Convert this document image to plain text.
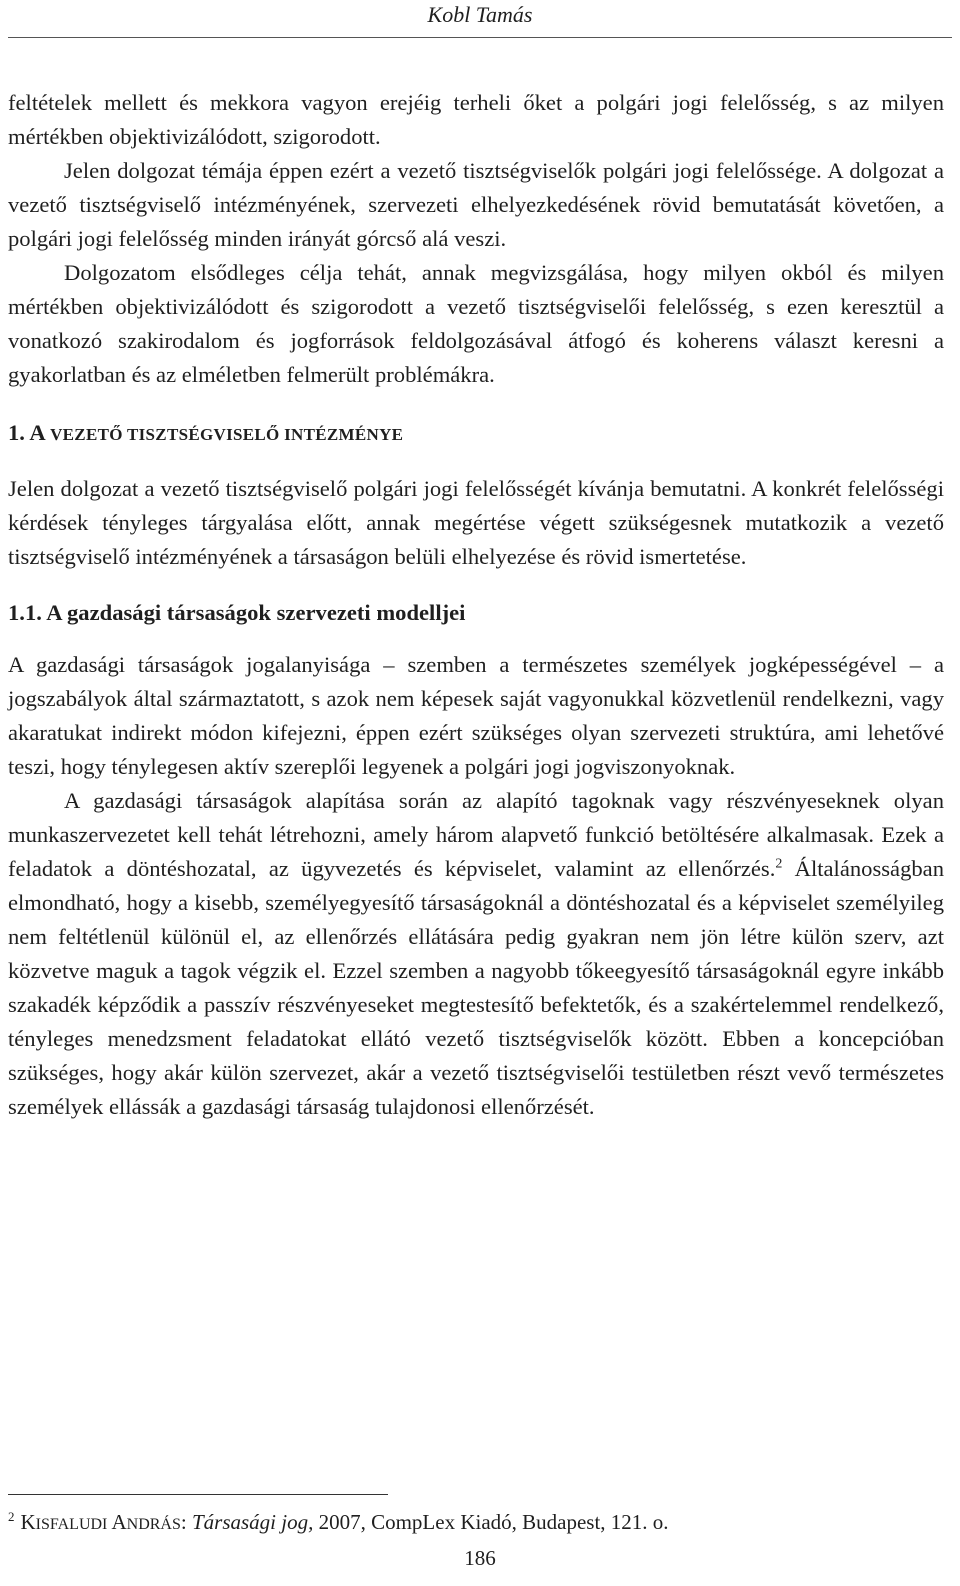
Kobl Tamás

feltételek mellett és mekkora vagyon erejéig terheli őket a polgári jogi felelősség, s az milyen mértékben objektivizálódott, szigorodott.

Jelen dolgozat témája éppen ezért a vezető tisztségviselők polgári jogi felelőssége. A dolgozat a vezető tisztségviselő intézményének, szervezeti elhelyezkedésének rövid bemutatását követően, a polgári jogi felelősség minden irányát górcső alá veszi.

Dolgozatom elsődleges célja tehát, annak megvizsgálása, hogy milyen okból és milyen mértékben objektivizálódott és szigorodott a vezető tisztségviselői felelősség, s ezen keresztül a vonatkozó szakirodalom és jogforrások feldolgozásával átfogó és koherens választ keresni a gyakorlatban és az elméletben felmerült problémákra.

1. A VEZETŐ TISZTSÉGVISELŐ INTÉZMÉNYE

Jelen dolgozat a vezető tisztségviselő polgári jogi felelősségét kívánja bemutatni. A konkrét felelősségi kérdések tényleges tárgyalása előtt, annak megértése végett szükségesnek mutatkozik a vezető tisztségviselő intézményének a társaságon belüli elhelyezése és rövid ismertetése.

1.1. A gazdasági társaságok szervezeti modelljei

A gazdasági társaságok jogalanyisága – szemben a természetes személyek jogképességével – a jogszabályok által származtatott, s azok nem képesek saját vagyonukkal közvetlenül rendelkezni, vagy akaratukat indirekt módon kifejezni, éppen ezért szükséges olyan szervezeti struktúra, ami lehetővé teszi, hogy ténylegesen aktív szereplői legyenek a polgári jogi jogviszonyoknak.

A gazdasági társaságok alapítása során az alapító tagoknak vagy részvényeseknek olyan munkaszervezetet kell tehát létrehozni, amely három alapvető funkció betöltésére alkalmasak. Ezek a feladatok a döntéshozatal, az ügyvezetés és képviselet, valamint az ellenőrzés.$^2$ Általánosságban elmondható, hogy a kisebb, személyegyesítő társaságoknál a döntéshozatal és a képviselet személyileg nem feltétlenül különül el, az ellenőrzés ellátására pedig gyakran nem jön létre külön szerv, azt közvetve maguk a tagok végzik el. Ezzel szemben a nagyobb tőkeegyesítő társaságoknál egyre inkább szakadék képződik a passzív részvényeseket megtestesítő befektetők, és a szakértelemmel rendelkező, tényleges menedzsment feladatokat ellátó vezető tisztségviselők között. Ebben a koncepcióban szükséges, hogy akár külön szervezet, akár a vezető tisztségviselői testületben részt vevő természetes személyek ellássák a gazdasági társaság tulajdonosi ellenőrzését.

$^2$ KISFALUDI ANDRÁS: Társasági jog, 2007, CompLex Kiadó, Budapest, 121. o.
186
